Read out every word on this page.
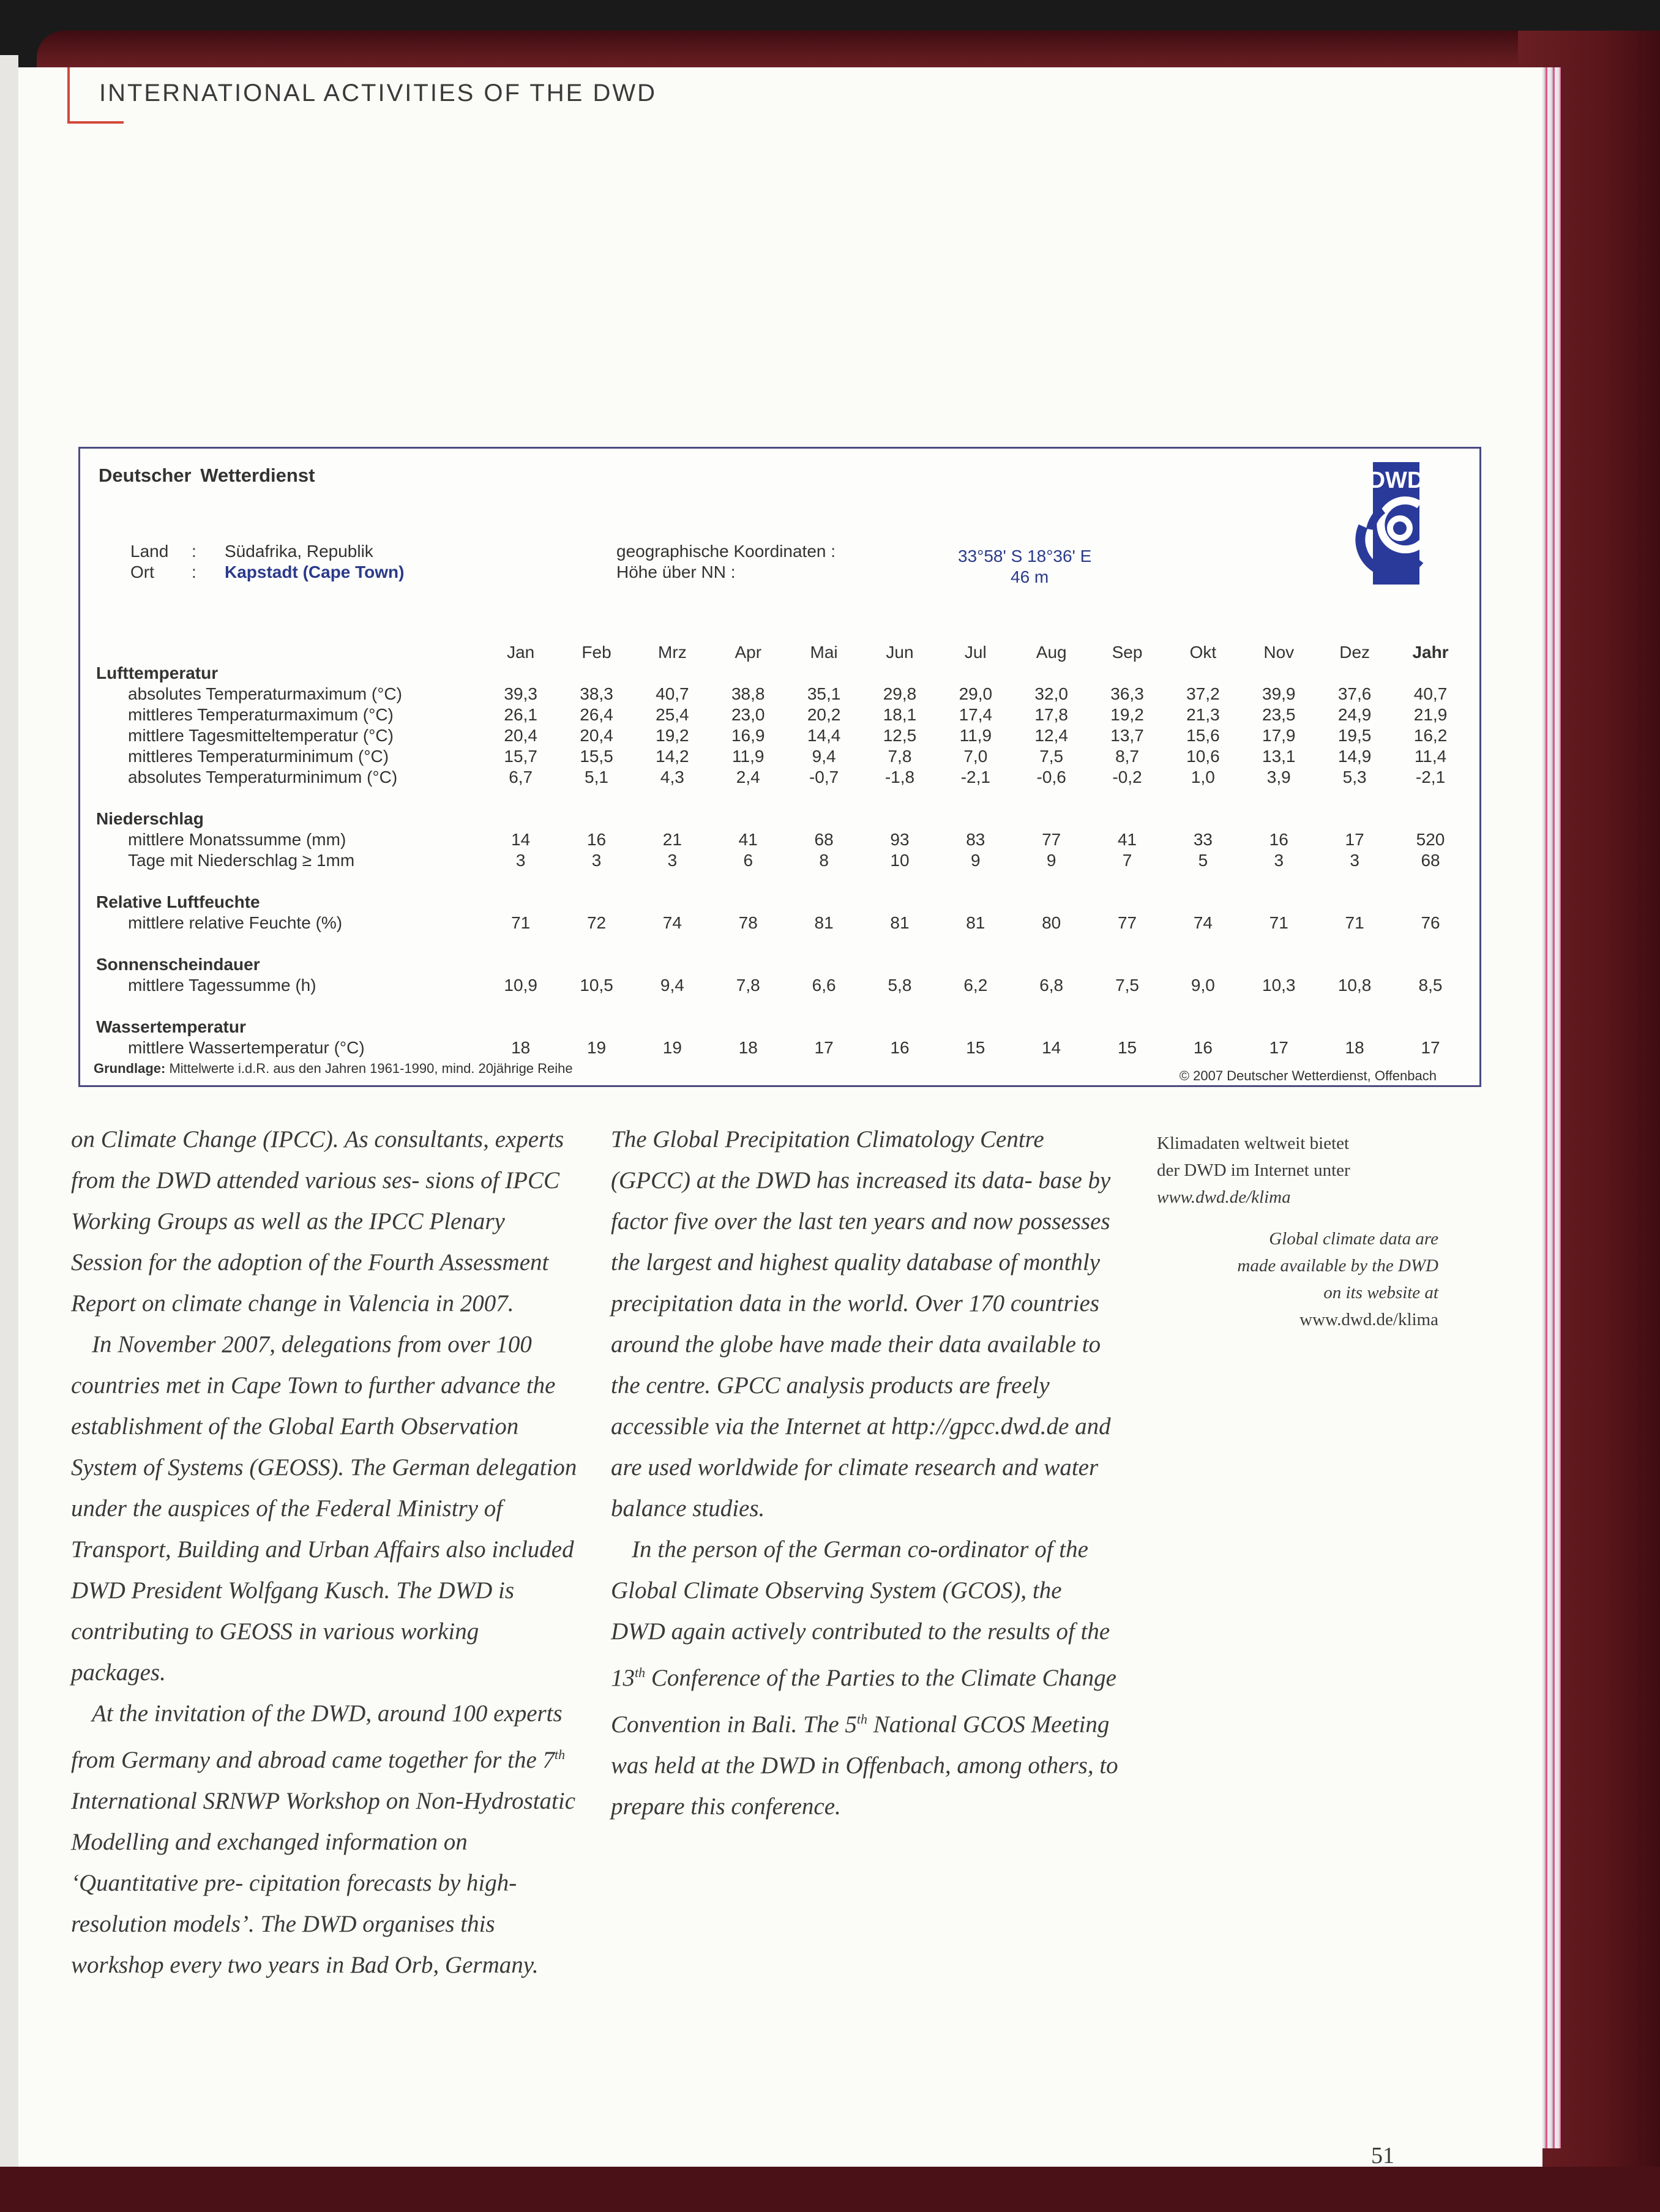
INTERNATIONAL ACTIVITIES OF THE DWD
Deutscher Wetterdienst	DWD
Land : Südafrika, Republik
Ort : Kapstadt (Cape Town)
geographische Koordinaten :
Höhe über NN :
33°58' S 18°36' E
46 m
	Jan	Feb	Mrz	Apr	Mai	Jun	Jul	Aug	Sep	Okt	Nov	Dez	Jahr
Lufttemperatur													
absolutes Temperaturmaximum (°C)	39,3	38,3	40,7	38,8	35,1	29,8	29,0	32,0	36,3	37,2	39,9	37,6	40,7
mittleres Temperaturmaximum (°C)	26,1	26,4	25,4	23,0	20,2	18,1	17,4	17,8	19,2	21,3	23,5	24,9	21,9
mittlere Tagesmitteltemperatur (°C)	20,4	20,4	19,2	16,9	14,4	12,5	11,9	12,4	13,7	15,6	17,9	19,5	16,2
mittleres Temperaturminimum (°C)	15,7	15,5	14,2	11,9	9,4	7,8	7,0	7,5	8,7	10,6	13,1	14,9	11,4
absolutes Temperaturminimum (°C)	6,7	5,1	4,3	2,4	-0,7	-1,8	-2,1	-0,6	-0,2	1,0	3,9	5,3	-2,1

Niederschlag													
mittlere Monatssumme (mm)	14	16	21	41	68	93	83	77	41	33	16	17	520
Tage mit Niederschlag ≥ 1mm	3	3	3	6	8	10	9	9	7	5	3	3	68

Relative Luftfeuchte													
mittlere relative Feuchte (%)	71	72	74	78	81	81	81	80	77	74	71	71	76

Sonnenscheindauer													
mittlere Tagessumme (h)	10,9	10,5	9,4	7,8	6,6	5,8	6,2	6,8	7,5	9,0	10,3	10,8	8,5

Wassertemperatur													
mittlere Wassertemperatur (°C)	18	19	19	18	17	16	15	14	15	16	17	18	17
Grundlage: Mittelwerte i.d.R. aus den Jahren 1961-1990, mind. 20jährige Reihe	© 2007 Deutscher Wetterdienst, Offenbach

on Climate Change (IPCC). As consultants, experts from the DWD attended various ses- sions of IPCC Working Groups as well as the IPCC Plenary Session for the adoption of the Fourth Assessment Report on climate change in Valencia in 2007.

In November 2007, delegations from over 100 countries met in Cape Town to further advance the establishment of the Global Earth Observation System of Systems (GEOSS). The German delegation under the auspices of the Federal Ministry of Transport, Building and Urban Affairs also included DWD President Wolfgang Kusch. The DWD is contributing to GEOSS in various working packages.

At the invitation of the DWD, around 100 experts from Germany and abroad came together for the 7th International SRNWP Workshop on Non-Hydrostatic Modelling and exchanged information on ‘Quantitative pre- cipitation forecasts by high-resolution models’. The DWD organises this workshop every two years in Bad Orb, Germany.

The Global Precipitation Climatology Centre (GPCC) at the DWD has increased its data- base by factor five over the last ten years and now possesses the largest and highest quality database of monthly precipitation data in the world. Over 170 countries around the globe have made their data available to the centre. GPCC analysis products are freely accessible via the Internet at http://gpcc.dwd.de and are used worldwide for climate research and water balance studies.

In the person of the German co-ordinator of the Global Climate Observing System (GCOS), the DWD again actively contributed to the results of the 13th Conference of the Parties to the Climate Change Convention in Bali. The 5th National GCOS Meeting was held at the DWD in Offenbach, among others, to prepare this conference.

Klimadaten weltweit bietet
der DWD im Internet unter
www.dwd.de/klima
Global climate data are
made available by the DWD
on its website at
www.dwd.de/klima
51
